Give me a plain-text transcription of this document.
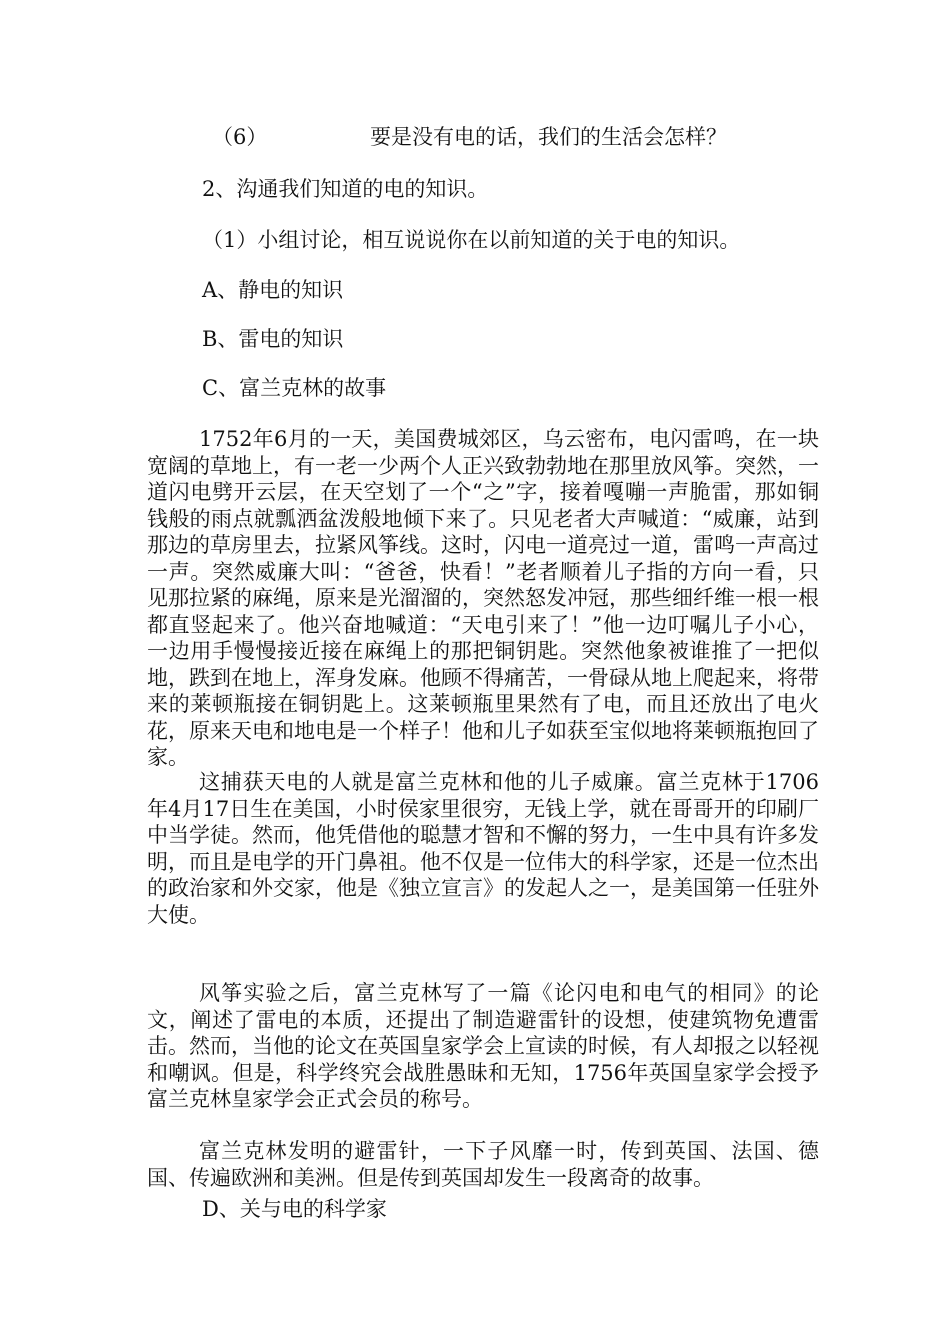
（6）	要是没有电的话，我们的生活会怎样？
2、沟通我们知道的电的知识。
（1）小组讨论，相互说说你在以前知道的关于电的知识。
A、静电的知识
B、雷电的知识
C、富兰克林的故事

1752年6月的一天，美国费城郊区，乌云密布，电闪雷鸣，在一块宽阔的草地上，有一老一少两个人正兴致勃勃地在那里放风筝。突然，一道闪电劈开云层，在天空划了一个“之”字，接着嘎嘣一声脆雷，那如铜钱般的雨点就瓢洒盆泼般地倾下来了。只见老者大声喊道：“威廉，站到那边的草房里去，拉紧风筝线。这时，闪电一道亮过一道，雷鸣一声高过一声。突然威廉大叫：“爸爸，快看！”老者顺着儿子指的方向一看，只见那拉紧的麻绳，原来是光溜溜的，突然怒发冲冠，那些细纤维一根一根都直竖起来了。他兴奋地喊道：“天电引来了！”他一边叮嘱儿子小心，一边用手慢慢接近接在麻绳上的那把铜钥匙。突然他象被谁推了一把似地，跌到在地上，浑身发麻。他顾不得痛苦，一骨碌从地上爬起来，将带来的莱顿瓶接在铜钥匙上。这莱顿瓶里果然有了电，而且还放出了电火花，原来天电和地电是一个样子！他和儿子如获至宝似地将莱顿瓶抱回了家。

这捕获天电的人就是富兰克林和他的儿子威廉。富兰克林于1706年4月17日生在美国，小时侯家里很穷，无钱上学，就在哥哥开的印刷厂中当学徒。然而，他凭借他的聪慧才智和不懈的努力，一生中具有许多发明，而且是电学的开门鼻祖。他不仅是一位伟大的科学家，还是一位杰出的政治家和外交家，他是《独立宣言》的发起人之一，是美国第一任驻外大使。

风筝实验之后，富兰克林写了一篇《论闪电和电气的相同》的论文，阐述了雷电的本质，还提出了制造避雷针的设想，使建筑物免遭雷击。然而，当他的论文在英国皇家学会上宣读的时候，有人却报之以轻视和嘲讽。但是，科学终究会战胜愚昧和无知，1756年英国皇家学会授予富兰克林皇家学会正式会员的称号。

富兰克林发明的避雷针，一下子风靡一时，传到英国、法国、德国、传遍欧洲和美洲。但是传到英国却发生一段离奇的故事。

D、关与电的科学家
